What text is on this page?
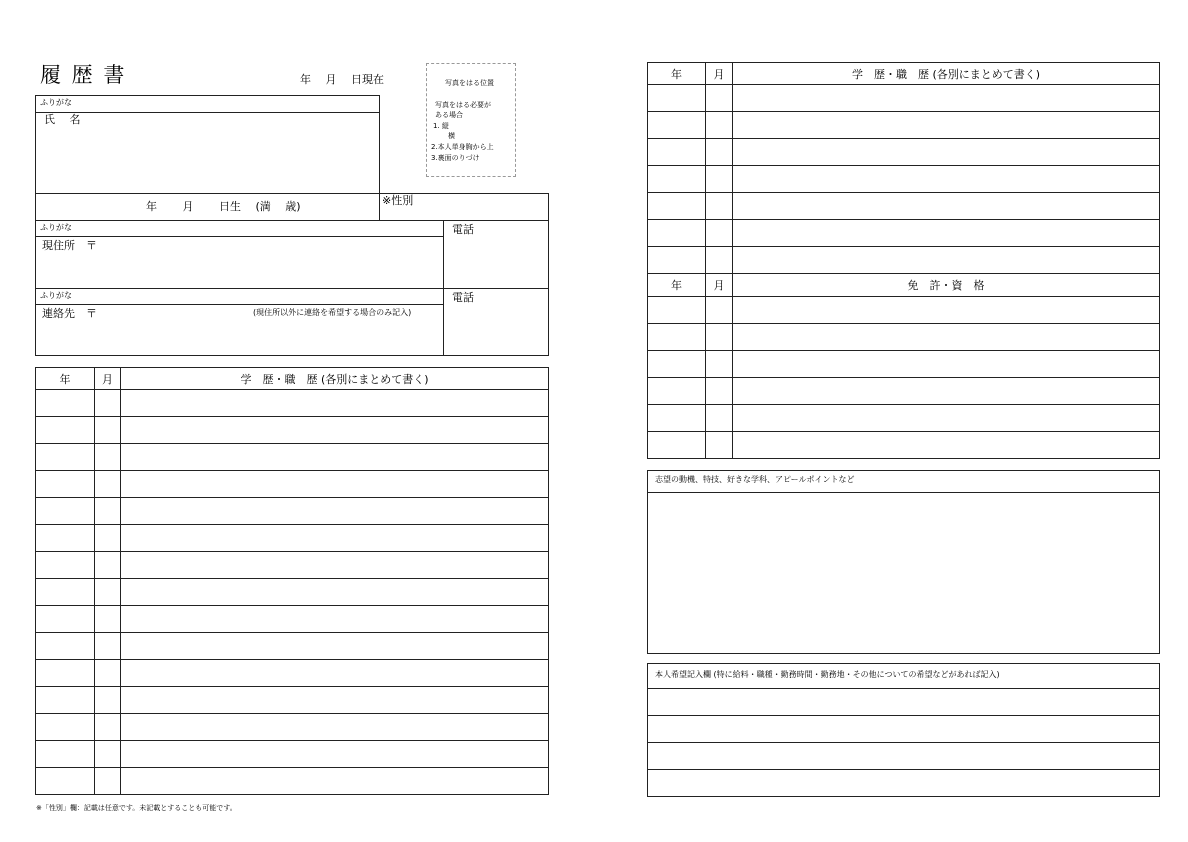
履 歴 書	年　 月　 日現在	写真をはる位置
写真をはる必要が
ある場合
1. 縦
　横
2.本人単身胸から上
3.裏面のりづけ
ふりがな
氏　 名
年　　 月　　 日生　 (満　 歳)	※性別
ふりがな
現住所　〒
電話
ふりがな
連絡先　〒	(現住所以外に連絡を希望する場合のみ記入)
電話
年	月	学　歴・職　歴 (各別にまとめて書く)

※「性別」欄：記載は任意です。未記載とすることも可能です。
年	月	学　歴・職　歴 (各別にまとめて書く)

年	月	免　許・資　格

志望の動機、特技、好きな学科、アピールポイントなど
本人希望記入欄 (特に給料・職種・勤務時間・勤務地・その他についての希望などがあれば記入)
